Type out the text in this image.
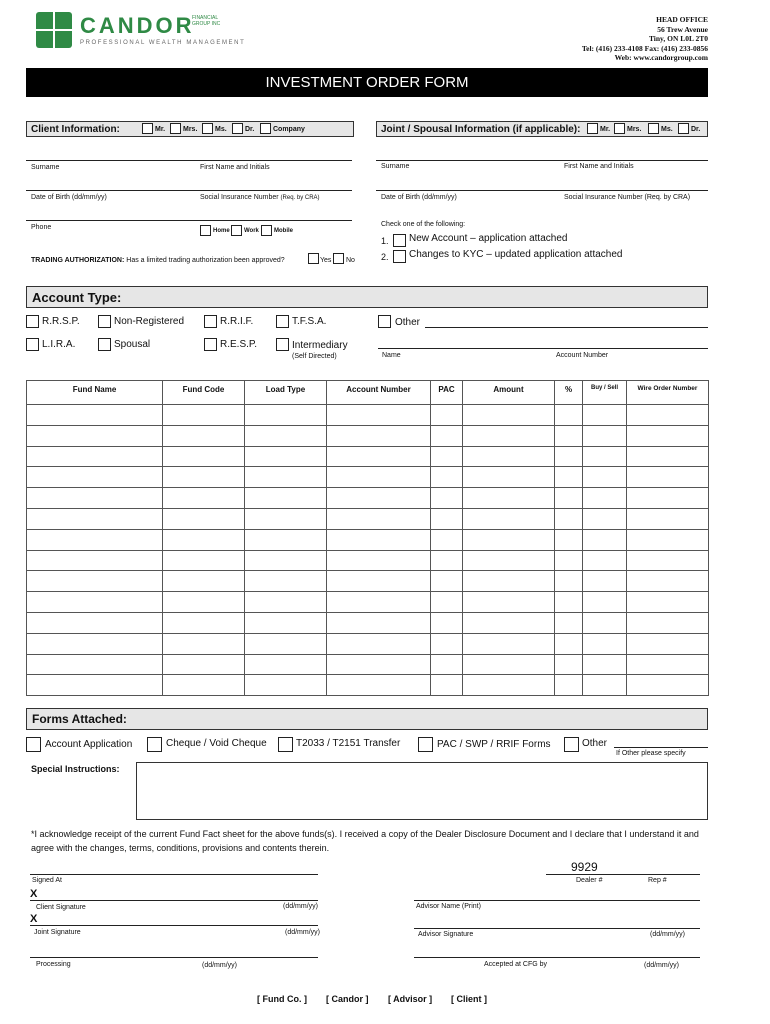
CANDOR
FINANCIAL GROUP INC
PROFESSIONAL WEALTH MANAGEMENT
HEAD OFFICE
56 Trew Avenue
Tiny, ON L0L 2T0
Tel: (416) 233-4108 Fax: (416) 233-0856
Web: www.candorgroup.com
INVESTMENT ORDER FORM
Client Information:	Mr.	Mrs.	Ms.	Dr.	Company
Surname	First Name and Initials
Date of Birth (dd/mm/yy)	Social Insurance Number (Req. by CRA)
Phone	Home Work	Mobile
TRADING AUTHORIZATION: Has a limited trading authorization been approved?	Yes No
Joint / Spousal Information (if applicable):	Mr. Mrs.	Ms.	Dr.
Surname	First Name and Initials
Date of Birth (dd/mm/yy)	Social Insurance Number (Req. by CRA)
Check one of the following:
1. New Account – application attached
2. Changes to KYC – updated application attached
Account Type:
R.R.S.P.	Non-Registered	R.R.I.F.	T.F.S.A.	Other
L.I.R.A.	Spousal	R.E.S.P.	Intermediary
(Self Directed)	Name	Account Number
Fund Name	Fund Code	Load Type	Account Number	PAC	Amount	%	Buy / Sell	Wire Order Number

Forms Attached:
Account Application	Cheque / Void Cheque	T2033 / T2151 Transfer	PAC / SWP / RRIF Forms	Other
If Other please specify
Special Instructions:
*I acknowledge receipt of the current Fund Fact sheet for the above funds(s). I received a copy of the Dealer Disclosure Document and I declare that I understand it and agree with the changes, terms, conditions, provisions and contents therein.
Signed At
X
Client Signature	(dd/mm/yy)
X
Joint Signature	(dd/mm/yy)
Processing	(dd/mm/yy)
9929
Dealer #	Rep #
Advisor Name (Print)
Advisor Signature	(dd/mm/yy)
Accepted at CFG by	(dd/mm/yy)
[ Fund Co. ] [ Candor ] [ Advisor ] [ Client ]
